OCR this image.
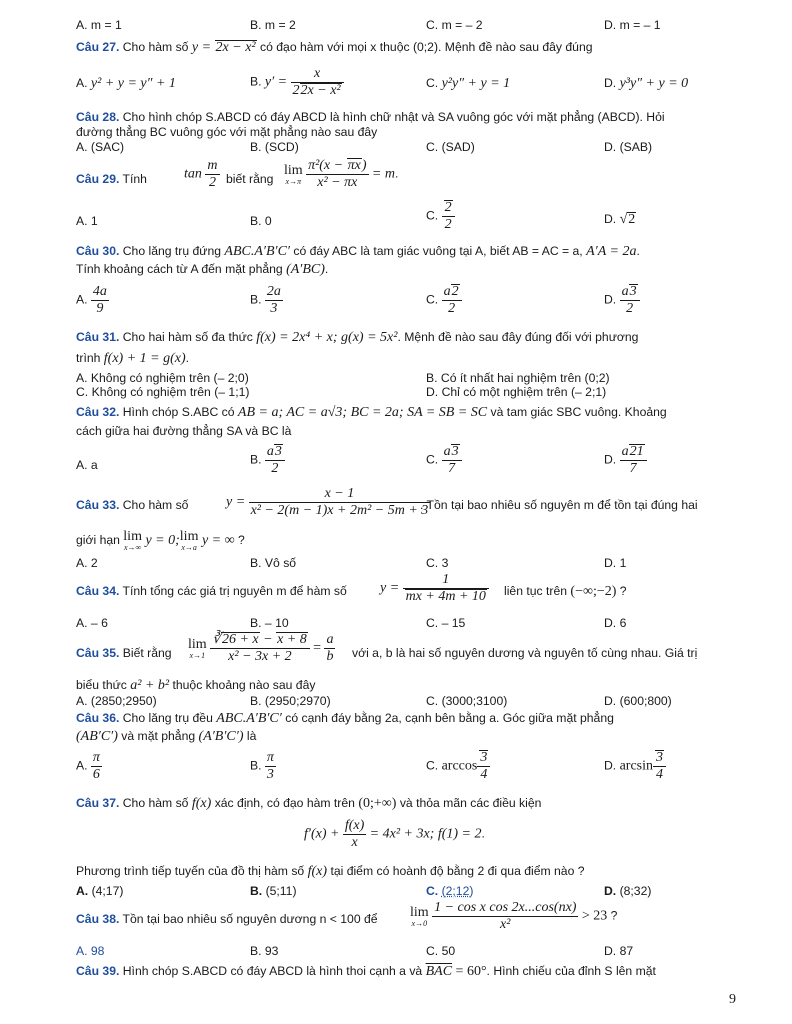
A. m = 1	B. m = 2	C. m = – 2	D. m = – 1
Câu 27. Cho hàm số y = 2x − x² có đạo hàm với mọi x thuộc (0;2). Mệnh đề nào sau đây đúng
A. y² + y = y″ + 1	B. $y' = \frac{x}{\text{22x − x²}}$	C. y²y″ + y = 1	D. y³y″ + y = 0
Câu 28. Cho hình chóp S.ABCD có đáy ABCD là hình chữ nhật và SA vuông góc với mặt phẳng (ABCD). Hỏi
đường thẳng BC vuông góc với mặt phẳng nào sau đây
A. (SAC)	B. (SCD)	C. (SAD)	D. (SAB)
Câu 29. Tính	$\tan \frac{m}{2}$ biết rằng
lim
x→π
$\frac{\text{π²(x − πx)}}{\text{x² − πx}} = m$.
A. 1	B. 0	C. $\frac{2}{2}$	D. √2
Câu 30. Cho lăng trụ đứng ABC.A′B′C′ có đáy ABC là tam giác vuông tại A, biết AB = AC = a, A′A = 2a.
Tính khoảng cách từ A đến mặt phẳng (A′BC).
A. $\frac{4a}{9}$	B. $\frac{2a}{3}$	C. $\frac{a2}{2}$	D. $\frac{a3}{2}$
Câu 31. Cho hai hàm số đa thức f(x) = 2x⁴ + x; g(x) = 5x². Mệnh đề nào sau đây đúng đối với phương
trình f(x) + 1 = g(x).
A. Không có nghiệm trên (– 2;0)	B. Có ít nhất hai nghiệm trên (0;2)
C. Không có nghiệm trên (– 1;1)	D. Chỉ có một nghiệm trên (– 2;1)
Câu 32. Hình chóp S.ABC có AB = a; AC = a√3; BC = 2a; SA = SB = SC và tam giác SBC vuông. Khoảng
cách giữa hai đường thẳng SA và BC là
A. a	B. $\frac{a3}{2}$	C. $\frac{a3}{7}$	D. $\frac{a21}{7}$
Câu 33. Cho hàm số	$y = \frac{x - 1}{\text{x² − 2(m − 1)x + 2m² − 5m + 3}}$
. Tồn tại bao nhiêu số nguyên m để tồn tại đúng hai
giới hạn lim
x→∞ y = 0;lim
x→a y = ∞ ?
A. 2	B. Vô số	C. 3	D. 1
Câu 34. Tính tổng các giá trị nguyên m để hàm số $y = \frac{1}{mx + 4m + 10}$ liên tục trên (−∞;−2) ?
A. – 6	B. – 10	C. – 15	D. 6
Câu 35. Biết rằng
lim
x→1
$\frac{∛26 + x - x + 8}{\text{x² − 3x + 2}} = \frac{a}{b}$ với a, b là hai số nguyên dương và nguyên tố cùng nhau. Giá trị
biểu thức a² + b² thuộc khoảng nào sau đây
A. (2850;2950)	B. (2950;2970)	C. (3000;3100)	D. (600;800)
Câu 36. Cho lăng trụ đều ABC.A′B′C′ có cạnh đáy bằng 2a, cạnh bên bằng a. Góc giữa mặt phẳng
(AB′C′) và mặt phẳng (A′B′C′) là
A. $\frac{\pi}{6}$	B. $\frac{\pi}{3}$	C. $\arccos \frac{3}{4}$	D. $\arcsin \frac{3}{4}$
Câu 37. Cho hàm số f(x) xác định, có đạo hàm trên (0;+∞) và thỏa mãn các điều kiện
$f'(x) + \frac{f(x)}{x} = 4x^2 + 3x$; f(1) = 2.
Phương trình tiếp tuyến của đồ thị hàm số f(x) tại điểm có hoành độ bằng 2 đi qua điểm nào ?
A. (4;17)	B. (5;11)	C. (2;12)	D. (8;32)
Câu 38. Tồn tại bao nhiêu số nguyên dương n < 100 để lim
x→0
$\frac{\text{1 − cos x cos 2x...cos(nx)}}{\text{x²}} > 23$ ?
A. 98	B. 93	C. 50	D. 87
Câu 39. Hình chóp S.ABCD có đáy ABCD là hình thoi cạnh a và $\overline{BAC} = 60^\circ$. Hình chiếu của đỉnh S lên mặt
9
